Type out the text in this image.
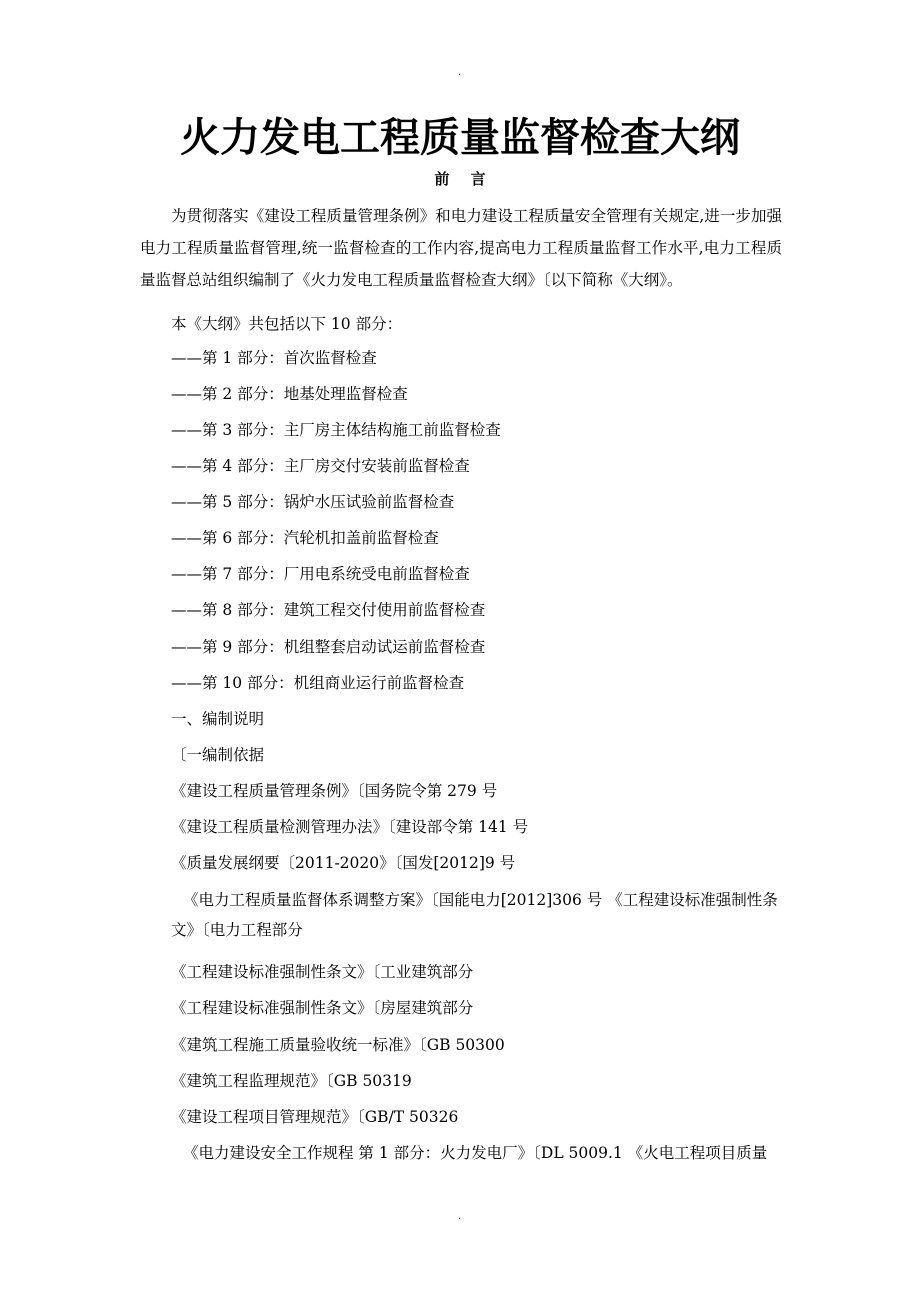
.
火力发电工程质量监督检查大纲
前 言
为贯彻落实《建设工程质量管理条例》和电力建设工程质量安全管理有关规定,进一步加强电力工程质量监督管理,统一监督检查的工作内容,提高电力工程质量监督工作水平,电力工程质量监督总站组织编制了《火力发电工程质量监督检查大纲》〔以下简称《大纲》。
本《大纲》共包括以下 10 部分：
——第 1 部分：首次监督检查
——第 2 部分：地基处理监督检查
——第 3 部分：主厂房主体结构施工前监督检查
——第 4 部分：主厂房交付安装前监督检查
——第 5 部分：锅炉水压试验前监督检查
——第 6 部分：汽轮机扣盖前监督检查
——第 7 部分：厂用电系统受电前监督检查
——第 8 部分：建筑工程交付使用前监督检查
——第 9 部分：机组整套启动试运前监督检查
——第 10 部分：机组商业运行前监督检查
一、编制说明
〔一编制依据
《建设工程质量管理条例》〔国务院令第 279 号
《建设工程质量检测管理办法》〔建设部令第 141 号
《质量发展纲要〔2011-2020》〔国发[2012]9 号
《电力工程质量监督体系调整方案》〔国能电力[2012]306 号 《工程建设标准强制性条文》〔电力工程部分
《工程建设标准强制性条文》〔工业建筑部分
《工程建设标准强制性条文》〔房屋建筑部分
《建筑工程施工质量验收统一标准》〔GB 50300
《建筑工程监理规范》〔GB 50319
《建设工程项目管理规范》〔GB/T 50326
《电力建设安全工作规程 第 1 部分：火力发电厂》〔DL 5009.1 《火电工程项目质量
.
